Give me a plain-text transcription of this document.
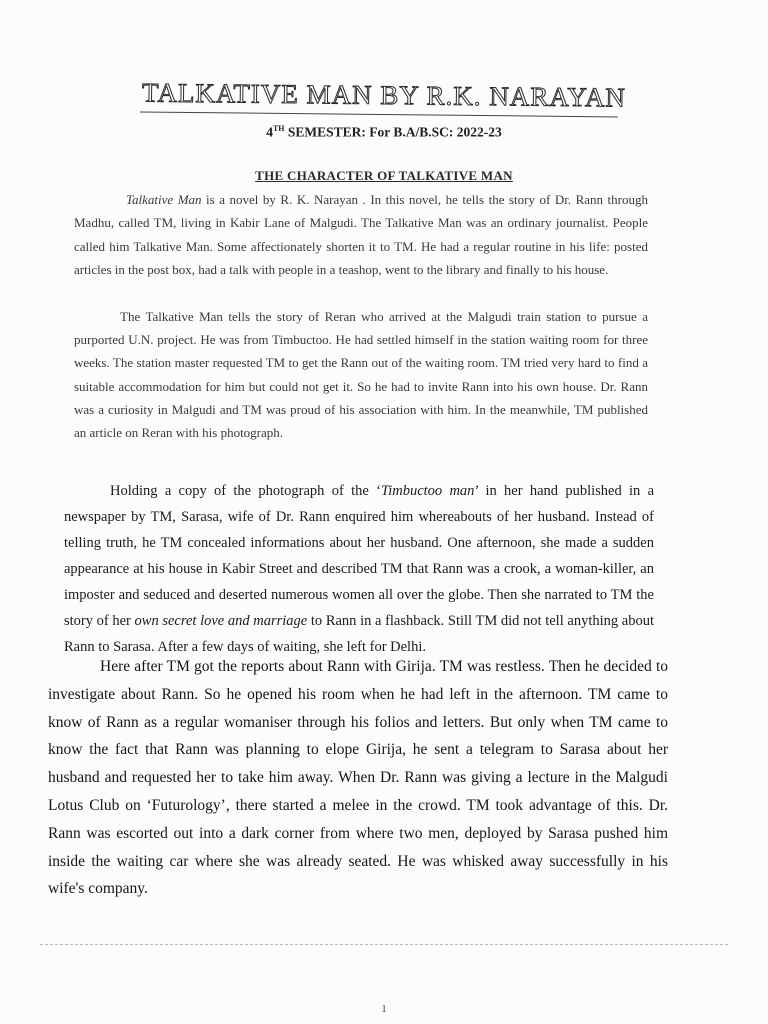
TALKATIVE MAN BY R.K. NARAYAN
4TH SEMESTER: For B.A/B.SC: 2022-23
THE CHARACTER OF TALKATIVE MAN

Talkative Man is a novel by R. K. Narayan . In this novel, he tells the story of Dr. Rann through Madhu, called TM, living in Kabir Lane of Malgudi. The Talkative Man was an ordinary journalist. People called him Talkative Man. Some affectionately shorten it to TM. He had a regular routine in his life: posted articles in the post box, had a talk with people in a teashop, went to the library and finally to his house.

The Talkative Man tells the story of Reran who arrived at the Malgudi train station to pursue a purported U.N. project. He was from Timbuctoo. He had settled himself in the station waiting room for three weeks. The station master requested TM to get the Rann out of the waiting room. TM tried very hard to find a suitable accommodation for him but could not get it. So he had to invite Rann into his own house. Dr. Rann was a curiosity in Malgudi and TM was proud of his association with him. In the meanwhile, TM published an article on Reran with his photograph.

Holding a copy of the photograph of the ‘Timbuctoo man’ in her hand published in a newspaper by TM, Sarasa, wife of Dr. Rann enquired him whereabouts of her husband. Instead of telling truth, he TM concealed informations about her husband. One afternoon, she made a sudden appearance at his house in Kabir Street and described TM that Rann was a crook, a woman-killer, an imposter and seduced and deserted numerous women all over the globe. Then she narrated to TM the story of her own secret love and marriage to Rann in a flashback. Still TM did not tell anything about Rann to Sarasa. After a few days of waiting, she left for Delhi.

Here after TM got the reports about Rann with Girija. TM was restless. Then he decided to investigate about Rann. So he opened his room when he had left in the afternoon. TM came to know of Rann as a regular womaniser through his folios and letters. But only when TM came to know the fact that Rann was planning to elope Girija, he sent a telegram to Sarasa about her husband and requested her to take him away. When Dr. Rann was giving a lecture in the Malgudi Lotus Club on ‘Futurology’, there started a melee in the crowd. TM took advantage of this. Dr. Rann was escorted out into a dark corner from where two men, deployed by Sarasa pushed him inside the waiting car where she was already seated. He was whisked away successfully in his wife's company.

1
